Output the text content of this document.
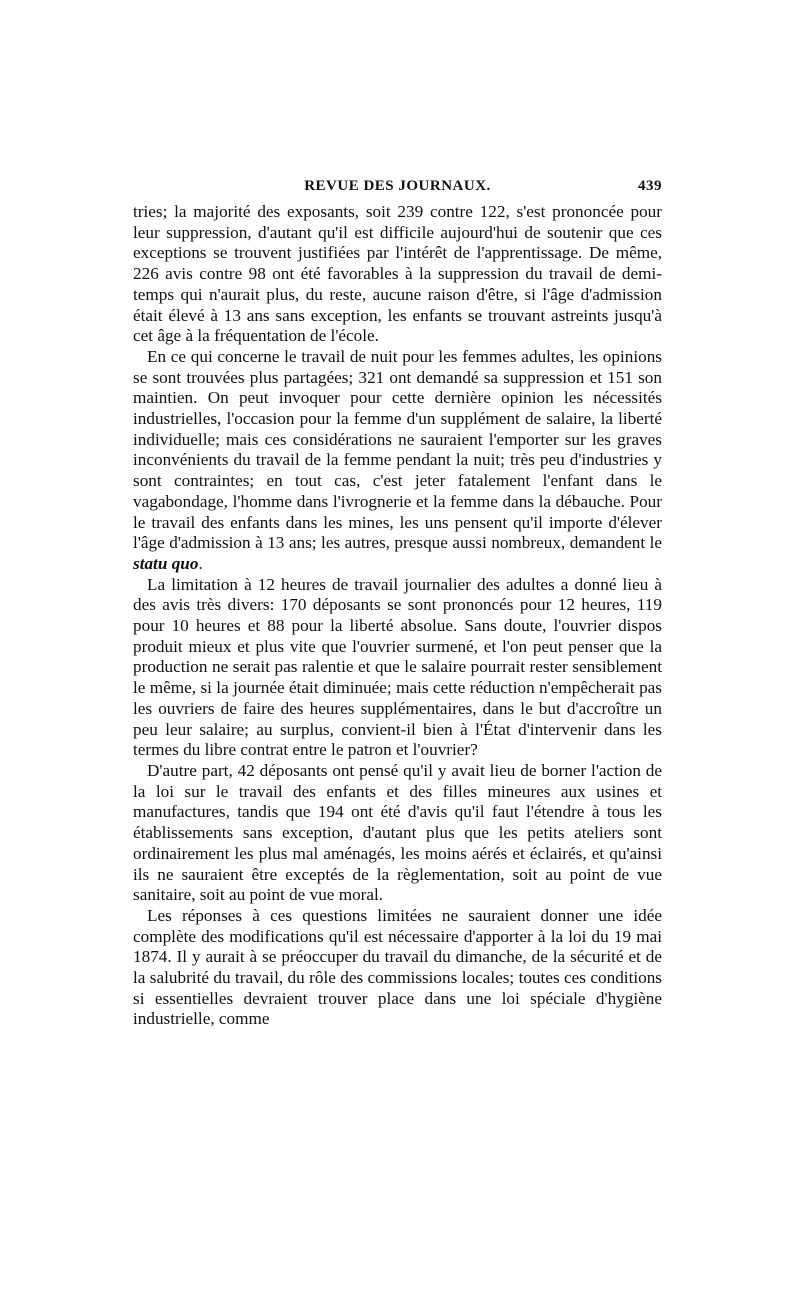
REVUE DES JOURNAUX.	439

tries; la majorité des exposants, soit 239 contre 122, s'est prononcée pour leur suppression, d'autant qu'il est difficile aujourd'hui de soutenir que ces exceptions se trouvent justifiées par l'intérêt de l'apprentissage. De même, 226 avis contre 98 ont été favorables à la suppression du travail de demi-temps qui n'aurait plus, du reste, aucune raison d'être, si l'âge d'admission était élevé à 13 ans sans exception, les enfants se trouvant astreints jusqu'à cet âge à la fréquentation de l'école.

En ce qui concerne le travail de nuit pour les femmes adultes, les opinions se sont trouvées plus partagées; 321 ont demandé sa suppression et 151 son maintien. On peut invoquer pour cette dernière opinion les nécessités industrielles, l'occasion pour la femme d'un supplément de salaire, la liberté individuelle; mais ces considérations ne sauraient l'emporter sur les graves inconvénients du travail de la femme pendant la nuit; très peu d'industries y sont contraintes; en tout cas, c'est jeter fatalement l'enfant dans le vagabondage, l'homme dans l'ivrognerie et la femme dans la débauche. Pour le travail des enfants dans les mines, les uns pensent qu'il importe d'élever l'âge d'admission à 13 ans; les autres, presque aussi nombreux, demandent le statu quo.

La limitation à 12 heures de travail journalier des adultes a donné lieu à des avis très divers: 170 déposants se sont prononcés pour 12 heures, 119 pour 10 heures et 88 pour la liberté absolue. Sans doute, l'ouvrier dispos produit mieux et plus vite que l'ouvrier surmené, et l'on peut penser que la production ne serait pas ralentie et que le salaire pourrait rester sensiblement le même, si la journée était diminuée; mais cette réduction n'empêcherait pas les ouvriers de faire des heures supplémentaires, dans le but d'accroître un peu leur salaire; au surplus, convient-il bien à l'État d'intervenir dans les termes du libre contrat entre le patron et l'ouvrier?

D'autre part, 42 déposants ont pensé qu'il y avait lieu de borner l'action de la loi sur le travail des enfants et des filles mineures aux usines et manufactures, tandis que 194 ont été d'avis qu'il faut l'étendre à tous les établissements sans exception, d'autant plus que les petits ateliers sont ordinairement les plus mal aménagés, les moins aérés et éclairés, et qu'ainsi ils ne sauraient être exceptés de la règlementation, soit au point de vue sanitaire, soit au point de vue moral.

Les réponses à ces questions limitées ne sauraient donner une idée complète des modifications qu'il est nécessaire d'apporter à la loi du 19 mai 1874. Il y aurait à se préoccuper du travail du dimanche, de la sécurité et de la salubrité du travail, du rôle des commissions locales; toutes ces conditions si essentielles devraient trouver place dans une loi spéciale d'hygiène industrielle, comme
